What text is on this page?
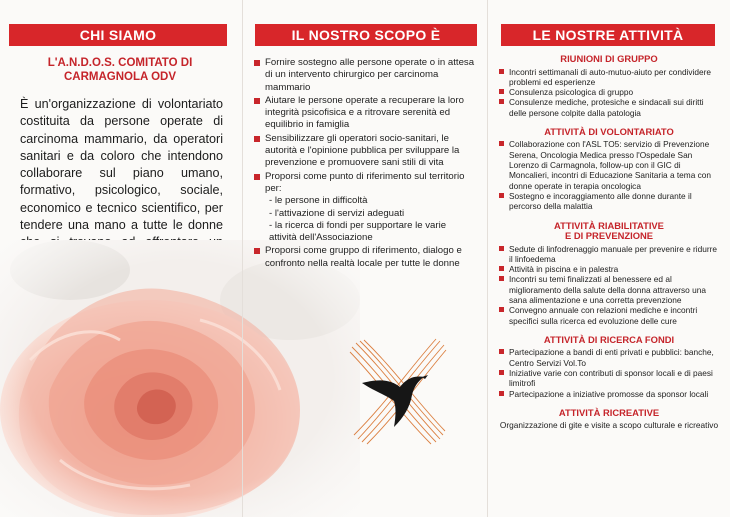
CHI SIAMO
L'A.N.D.O.S. COMITATO DI
CARMAGNOLA ODV
È un'organizzazione di volontariato costituita da persone operate di carcinoma mammario, da operatori sanitari e da coloro che intendono collaborare sul piano umano, formativo, psicologico, sociale, economico e tecnico scientifico, per tendere una mano a tutte le donne
IL NOSTRO SCOPO È
Fornire sostegno alle persone operate o in attesa di un intervento chirurgico per carcinoma mammario
Aiutare le persone operate a recuperare la loro integrità psicofisica e a ritrovare serenità ed equilibrio in famiglia
Sensibilizzare gli operatori socio-sanitari, le autorità e l'opinione pubblica per sviluppare la prevenzione e promuovere sani stili di vita
Proporsi come punto di riferimento sul territorio per:
- le persone in difficoltà
- l'attivazione di servizi adeguati
- la ricerca di fondi per supportare le varie attività dell'Associazione
Proporsi come gruppo di riferimento, dialogo e confronto nella realtà locale per tutte le donne
LE NOSTRE ATTIVITÀ
RIUNIONI DI GRUPPO
Incontri settimanali di auto-mutuo-aiuto per condividere problemi ed esperienze
Consulenza psicologica di gruppo
Consulenze mediche, protesiche e sindacali sui diritti delle persone colpite dalla patologia
ATTIVITÀ DI VOLONTARIATO
Collaborazione con l'ASL TO5: servizio di Prevenzione Serena, Oncologia Medica presso l'Ospedale San Lorenzo di Carmagnola, follow-up con il GIC di Moncalieri, incontri di Educazione Sanitaria a tema con donne operate in terapia oncologica
Sostegno e incoraggiamento alle donne durante il percorso della malattia
ATTIVITÀ RIABILITATIVE
E DI PREVENZIONE
Sedute di linfodrenaggio manuale per prevenire e ridurre il linfoedema
Attività in piscina e in palestra
Incontri su temi finalizzati al benessere ed al miglioramento della salute della donna attraverso una sana alimentazione e una corretta prevenzione
Convegno annuale con relazioni mediche e incontri specifici sulla ricerca ed evoluzione delle cure
ATTIVITÀ DI RICERCA FONDI
Partecipazione a bandi di enti privati e pubblici: banche, Centro Servizi Vol.To
Iniziative varie con contributi di sponsor locali e di paesi limitrofi
Partecipazione a iniziative promosse da sponsor locali
ATTIVITÀ RICREATIVE

Organizzazione di gite e visite a scopo culturale e ricreativo
